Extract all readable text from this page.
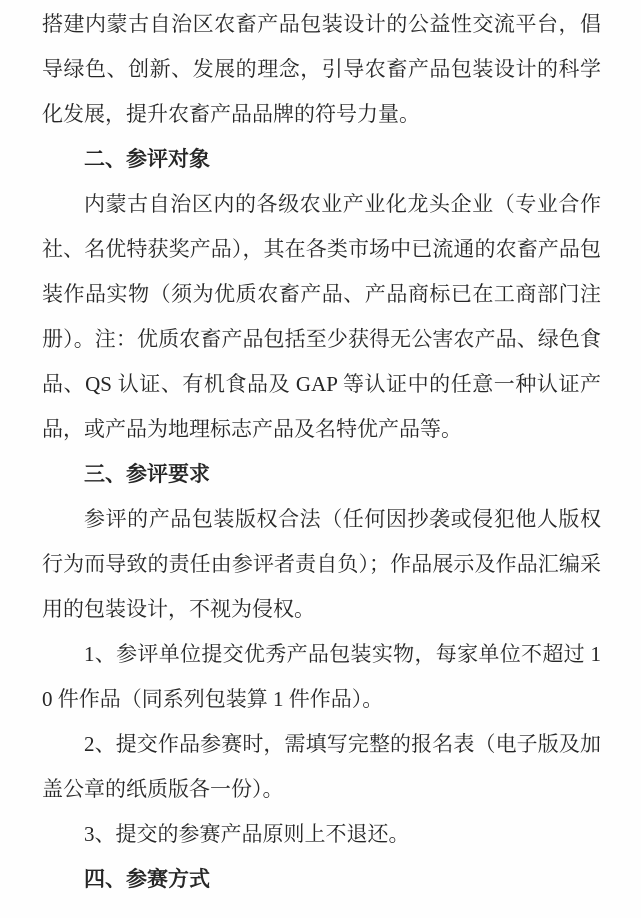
搭建内蒙古自治区农畜产品包装设计的公益性交流平台，倡导绿色、创新、发展的理念，引导农畜产品包装设计的科学化发展，提升农畜产品品牌的符号力量。

二、参评对象

内蒙古自治区内的各级农业产业化龙头企业（专业合作社、名优特获奖产品），其在各类市场中已流通的农畜产品包装作品实物（须为优质农畜产品、产品商标已在工商部门注册）。注：优质农畜产品包括至少获得无公害农产品、绿色食品、QS 认证、有机食品及 GAP 等认证中的任意一种认证产品，或产品为地理标志产品及名特优产品等。

三、参评要求

参评的产品包装版权合法（任何因抄袭或侵犯他人版权行为而导致的责任由参评者责自负）；作品展示及作品汇编采用的包装设计，不视为侵权。

1、参评单位提交优秀产品包装实物，每家单位不超过 10 件作品（同系列包装算 1 件作品）。

2、提交作品参赛时，需填写完整的报名表（电子版及加盖公章的纸质版各一份）。

3、提交的参赛产品原则上不退还。

四、参赛方式
